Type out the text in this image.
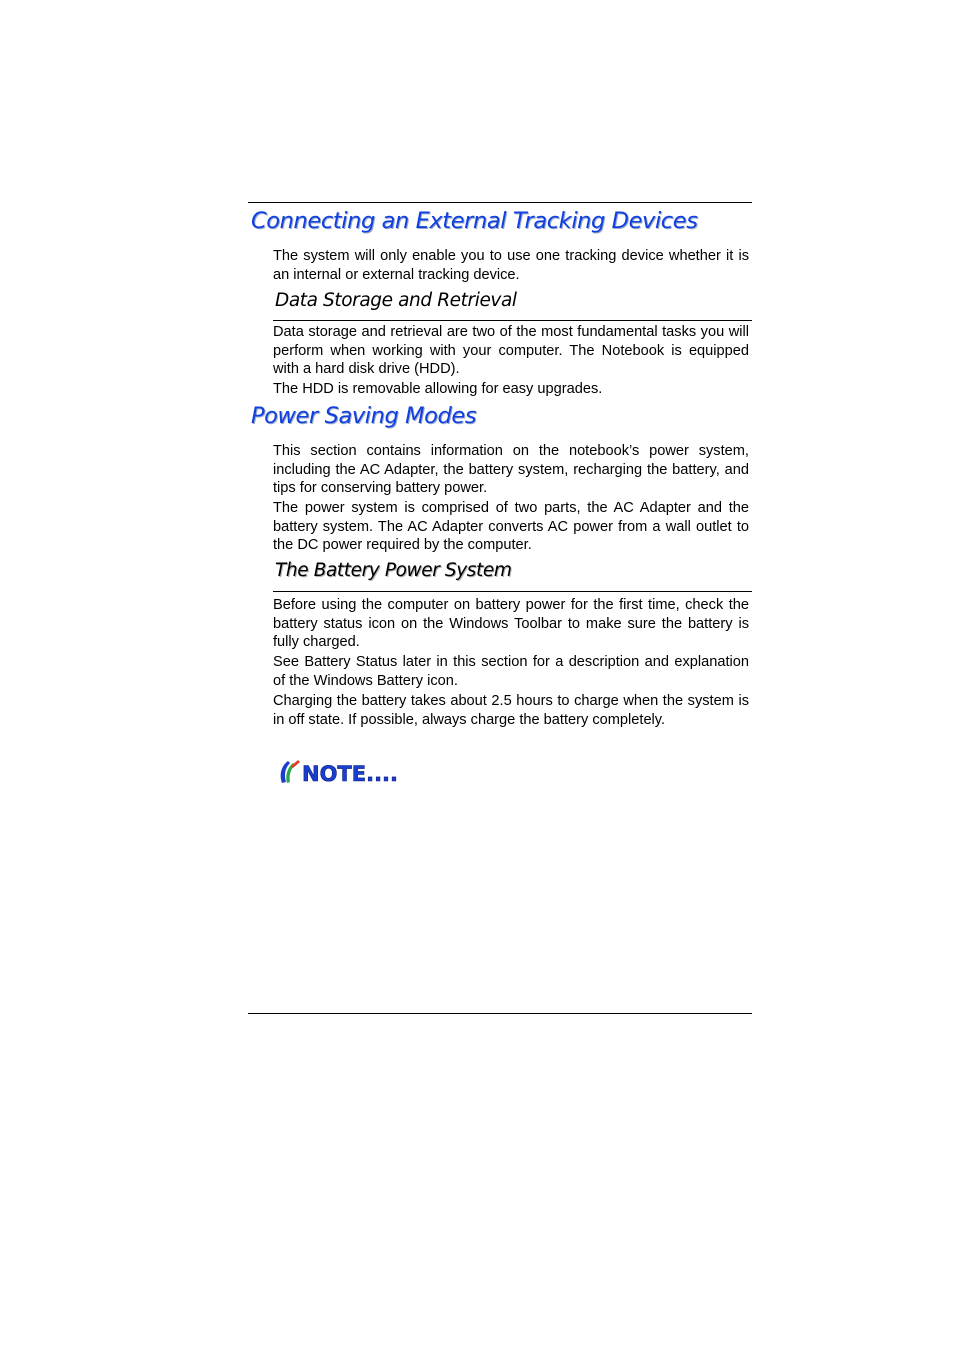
Connecting an External Tracking Devices

The system will only enable you to use one tracking device whether it is an internal or external tracking device.

Data Storage and Retrieval

Data storage and retrieval are two of the most fundamental tasks you will perform when working with your computer. The Notebook is equipped with a hard disk drive (HDD).

The HDD is removable allowing for easy upgrades.

Power Saving Modes

This section contains information on the notebook’s power system, including the AC Adapter, the battery system, recharging the battery, and tips for conserving battery power.

The power system is comprised of two parts, the AC Adapter and the battery system. The AC Adapter converts AC power from a wall outlet to the DC power required by the computer.

The Battery Power System

Before using the computer on battery power for the first time, check the battery status icon on the Windows Toolbar to make sure the battery is fully charged.

See Battery Status later in this section for a description and explanation of the Windows Battery icon.

Charging the battery takes about 2.5 hours to charge when the system is in off state. If possible, always charge the battery completely.

NOTE....
